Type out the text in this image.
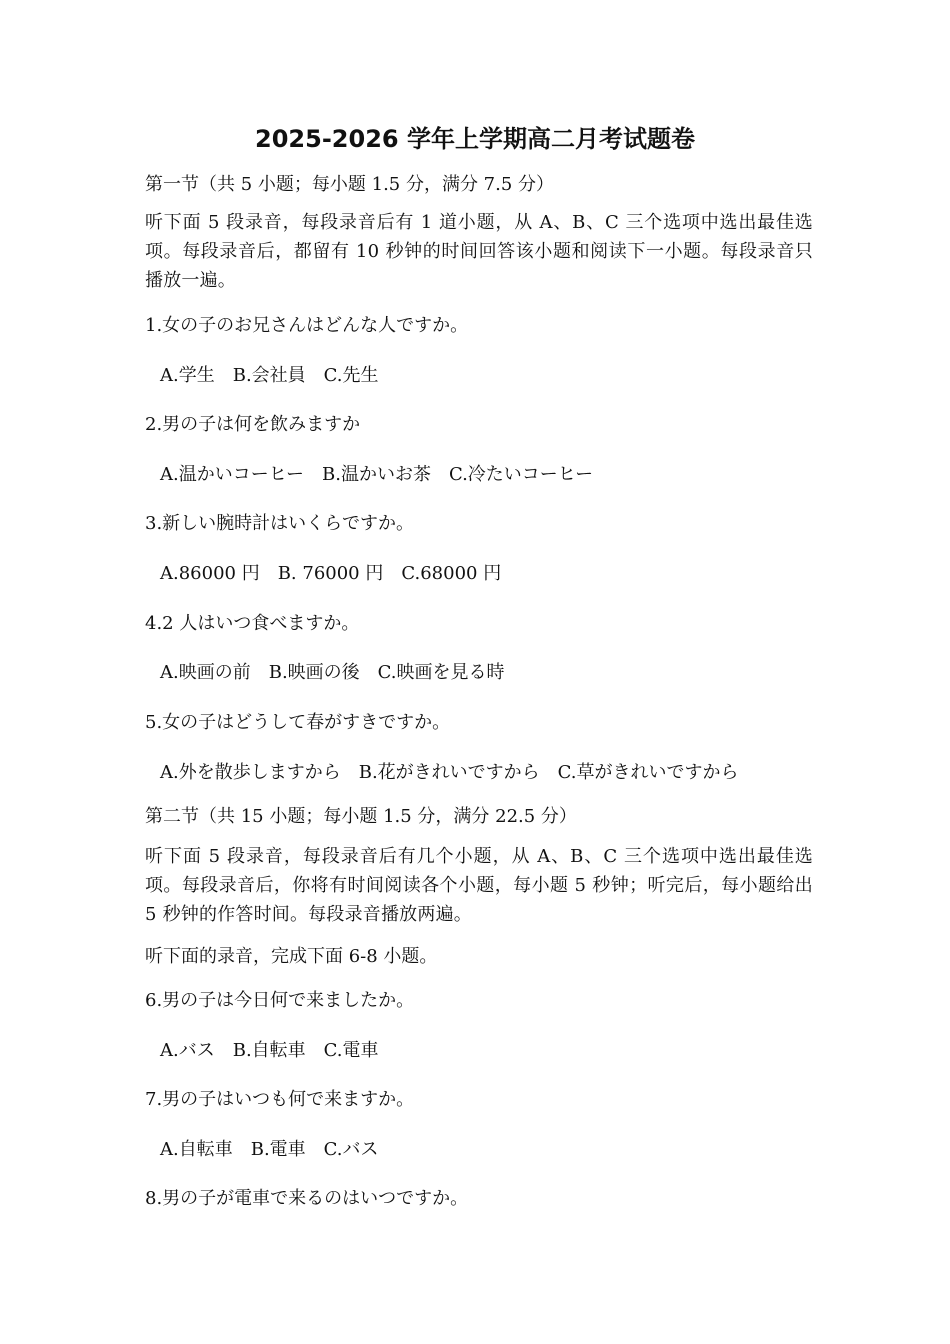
2025-2026 学年上学期高二月考试题卷
第一节（共 5 小题；每小题 1.5 分，满分 7.5 分）
听下面 5 段录音，每段录音后有 1 道小题，从 A、B、C 三个选项中选出最佳选项。每段录音后，都留有 10 秒钟的时间回答该小题和阅读下一小题。每段录音只播放一遍。
1.女の子のお兄さんはどんな人ですか。
A.学生　B.会社員　C.先生
2.男の子は何を飲みますか
A.温かいコーヒー　B.温かいお茶　C.冷たいコーヒー
3.新しい腕時計はいくらですか。
A.86000 円　B. 76000 円　C.68000 円
4.2 人はいつ食べますか。
A.映画の前　B.映画の後　C.映画を見る時
5.女の子はどうして春がすきですか。
A.外を散歩しますから　B.花がきれいですから　C.草がきれいですから
第二节（共 15 小题；每小题 1.5 分，满分 22.5 分）
听下面 5 段录音，每段录音后有几个小题，从 A、B、C 三个选项中选出最佳选项。每段录音后，你将有时间阅读各个小题，每小题 5 秒钟；听完后，每小题给出 5 秒钟的作答时间。每段录音播放两遍。
听下面的录音，完成下面 6-8 小题。
6.男の子は今日何で来ましたか。
A.バス　B.自転車　C.電車
7.男の子はいつも何で来ますか。
A.自転車　B.電車　C.バス
8.男の子が電車で来るのはいつですか。
